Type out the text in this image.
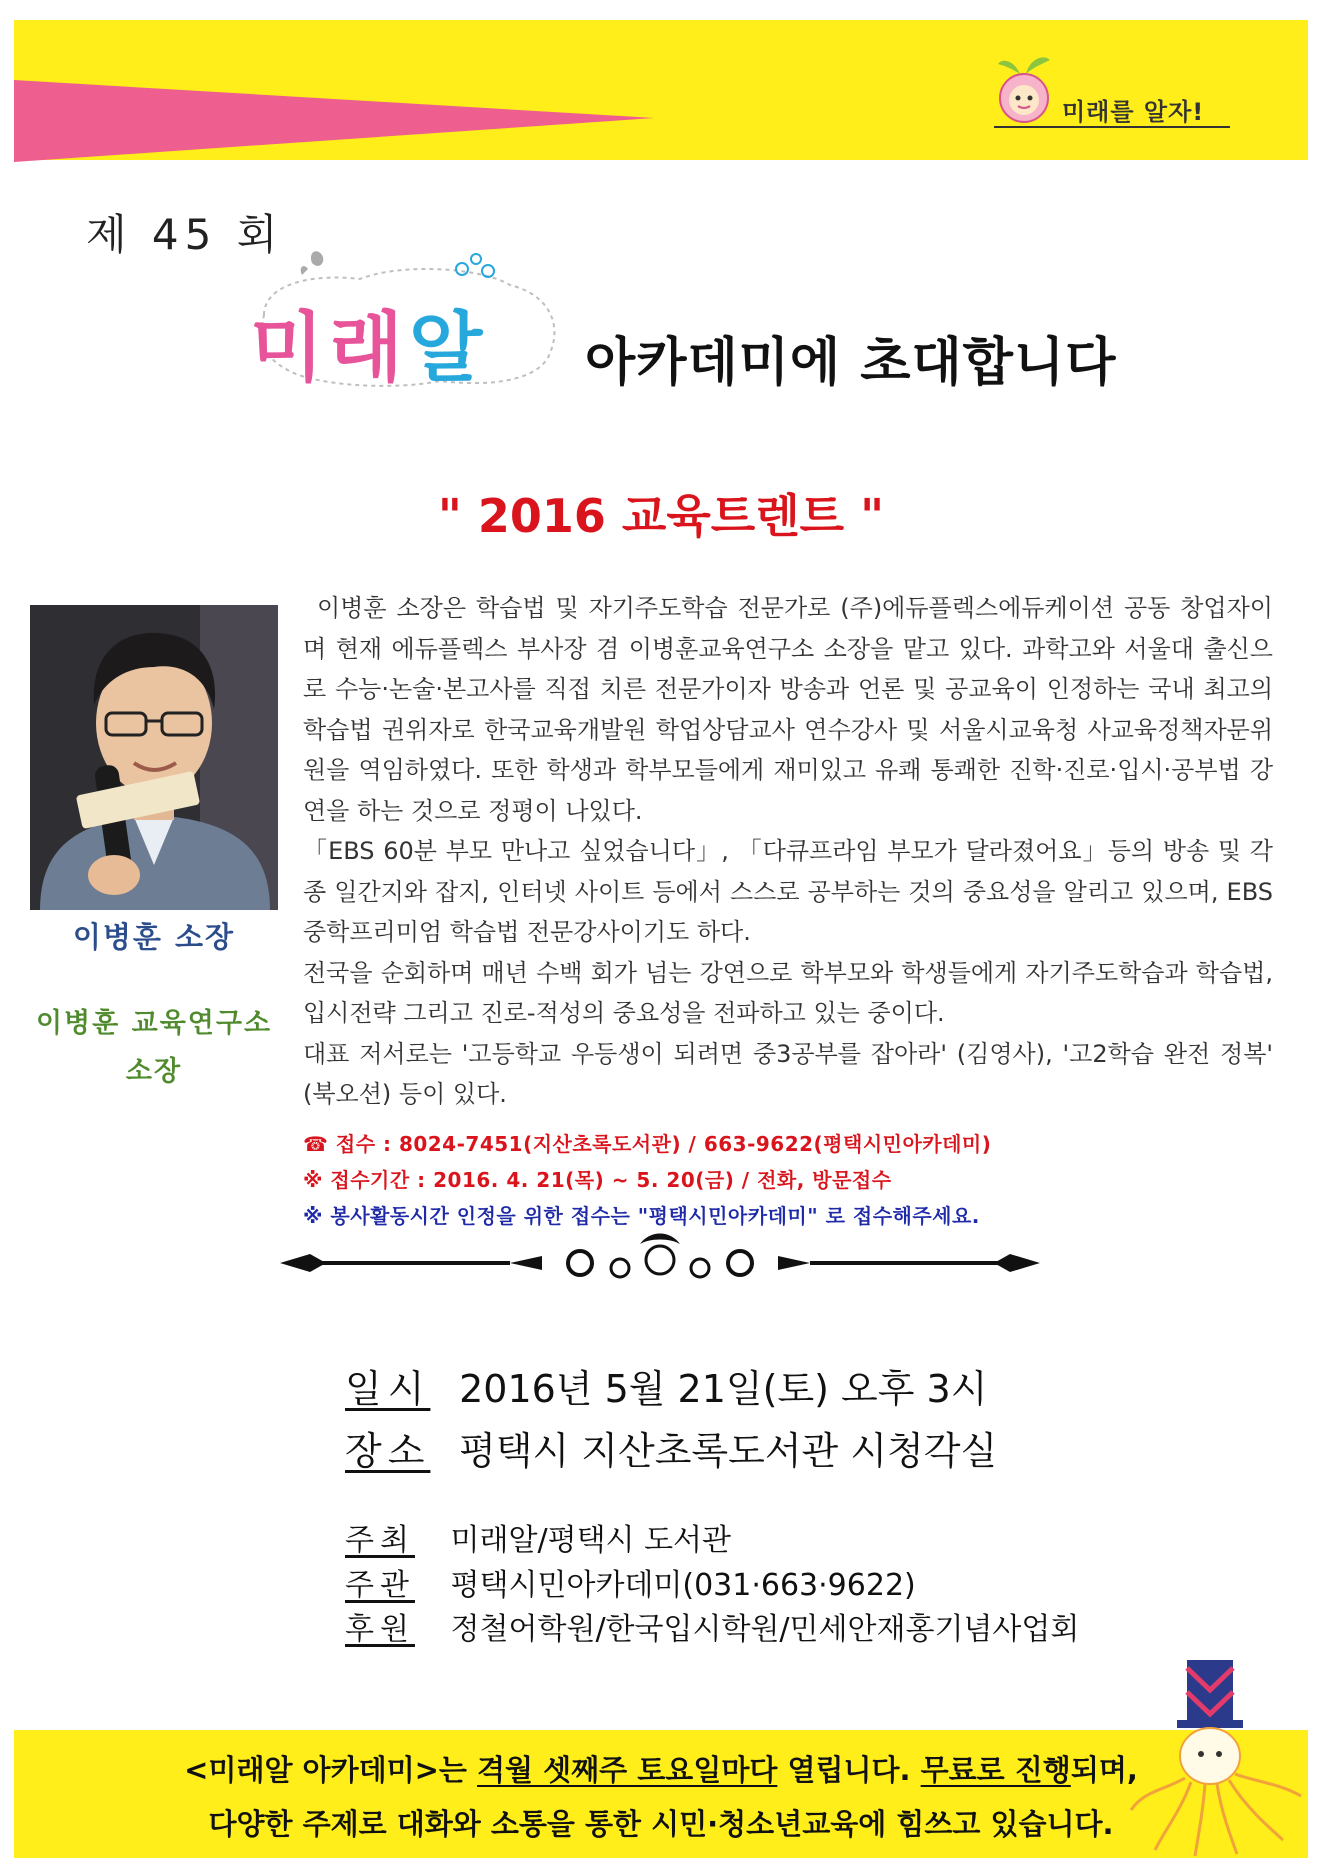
미래를 알자!
제 45 회
미래알 아카데미에 초대합니다
" 2016 교육트렌트 "
이병훈 소장
이병훈 교육연구소
소장

이병훈 소장은 학습법 및 자기주도학습 전문가로 (주)에듀플렉스에듀케이션 공동 창업자이며 현재 에듀플렉스 부사장 겸 이병훈교육연구소 소장을 맡고 있다. 과학고와 서울대 출신으로 수능·논술·본고사를 직접 치른 전문가이자 방송과 언론 및 공교육이 인정하는 국내 최고의 학습법 권위자로 한국교육개발원 학업상담교사 연수강사 및 서울시교육청 사교육정책자문위원을 역임하였다. 또한 학생과 학부모들에게 재미있고 유쾌 통쾌한 진학·진로·입시·공부법 강연을 하는 것으로 정평이 나있다.

「EBS 60분 부모 만나고 싶었습니다」, 「다큐프라임 부모가 달라졌어요」등의 방송 및 각종 일간지와 잡지, 인터넷 사이트 등에서 스스로 공부하는 것의 중요성을 알리고 있으며, EBS중학프리미엄 학습법 전문강사이기도 하다.

전국을 순회하며 매년 수백 회가 넘는 강연으로 학부모와 학생들에게 자기주도학습과 학습법, 입시전략 그리고 진로-적성의 중요성을 전파하고 있는 중이다.

대표 저서로는 '고등학교 우등생이 되려면 중3공부를 잡아라' (김영사), '고2학습 완전 정복' (북오션) 등이 있다.

☎ 접수 : 8024-7451(지산초록도서관) / 663-9622(평택시민아카데미)
※ 접수기간 : 2016. 4. 21(목) ~ 5. 20(금) / 전화, 방문접수
※ 봉사활동시간 인정을 위한 접수는 "평택시민아카데미" 로 접수해주세요.
일시 2016년 5월 21일(토) 오후 3시
장소 평택시 지산초록도서관 시청각실
주최 미래알/평택시 도서관
주관 평택시민아카데미(031·663·9622)
후원 정철어학원/한국입시학원/민세안재홍기념사업회
<미래알 아카데미>는 격월 셋째주 토요일마다 열립니다. 무료로 진행되며,
다양한 주제로 대화와 소통을 통한 시민·청소년교육에 힘쓰고 있습니다.
